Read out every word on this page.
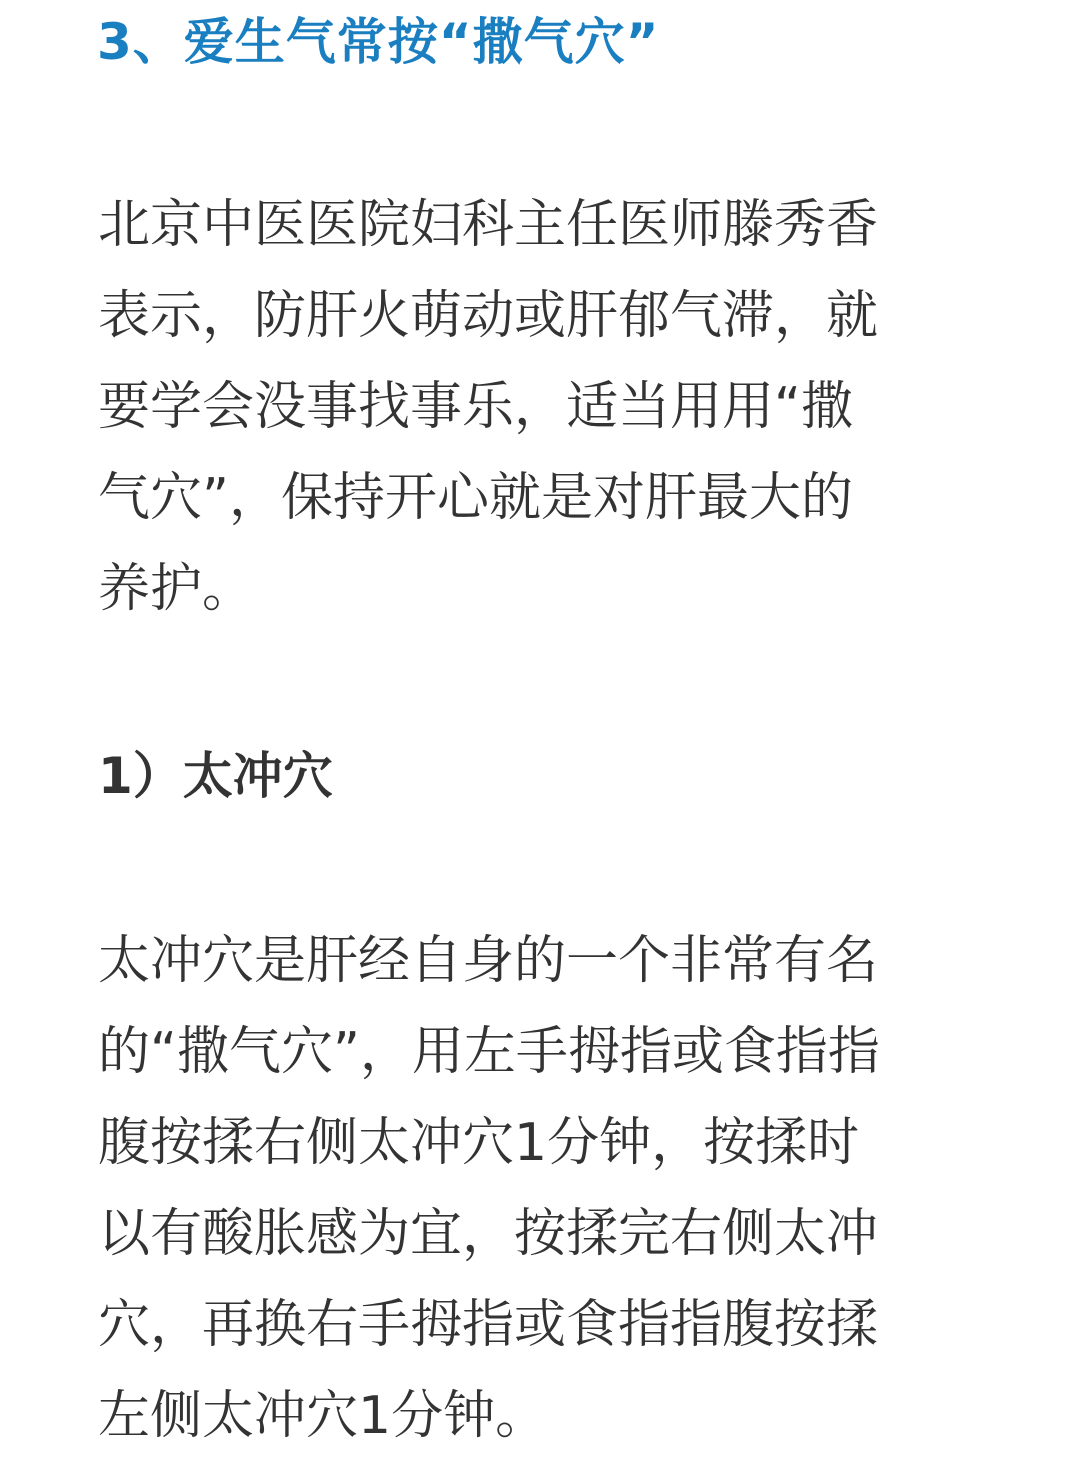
3、爱生气常按“撒气穴”

北京中医医院妇科主任医师滕秀香
表示，防肝火萌动或肝郁气滞，就
要学会没事找事乐，适当用用“撒
气穴”，保持开心就是对肝最大的
养护。

1）太冲穴

太冲穴是肝经自身的一个非常有名
的“撒气穴”，用左手拇指或食指指
腹按揉右侧太冲穴1分钟，按揉时
以有酸胀感为宜，按揉完右侧太冲
穴，再换右手拇指或食指指腹按揉
左侧太冲穴1分钟。
